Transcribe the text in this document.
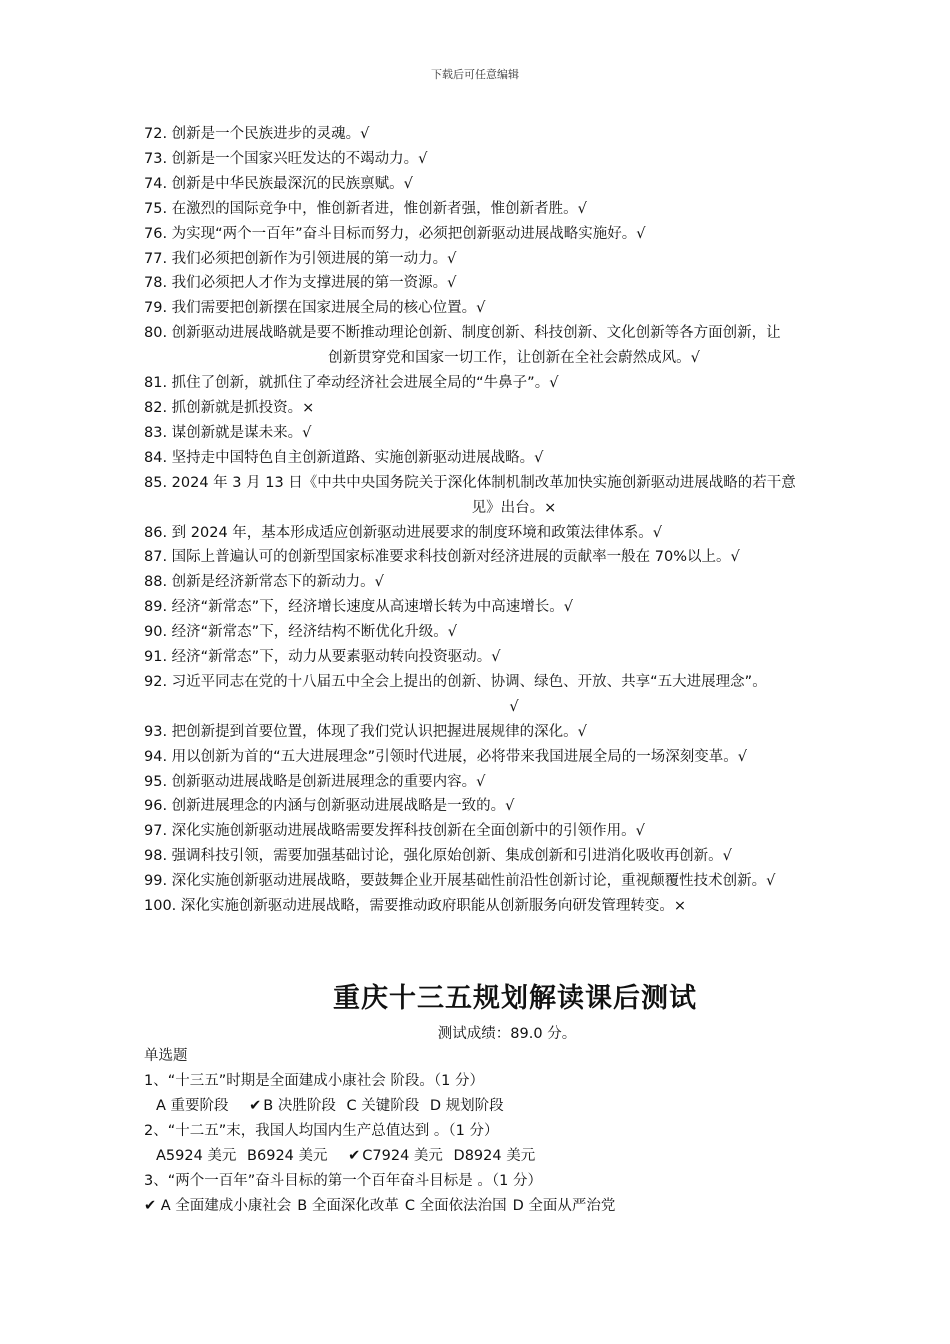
下载后可任意编辑
72. 创新是一个民族进步的灵魂。√
73. 创新是一个国家兴旺发达的不竭动力。√
74. 创新是中华民族最深沉的民族禀赋。√
75. 在激烈的国际竞争中，惟创新者进，惟创新者强，惟创新者胜。√
76. 为实现“两个一百年”奋斗目标而努力，必须把创新驱动进展战略实施好。√
77. 我们必须把创新作为引领进展的第一动力。√
78. 我们必须把人才作为支撑进展的第一资源。√
79. 我们需要把创新摆在国家进展全局的核心位置。√
80. 创新驱动进展战略就是要不断推动理论创新、制度创新、科技创新、文化创新等各方面创新，让
创新贯穿党和国家一切工作，让创新在全社会蔚然成风。√
81. 抓住了创新，就抓住了牵动经济社会进展全局的“牛鼻子”。√
82. 抓创新就是抓投资。×
83. 谋创新就是谋未来。√
84. 坚持走中国特色自主创新道路、实施创新驱动进展战略。√
85. 2024 年 3 月 13 日《中共中央国务院关于深化体制机制改革加快实施创新驱动进展战略的若干意
见》出台。×
86. 到 2024 年，基本形成适应创新驱动进展要求的制度环境和政策法律体系。√
87. 国际上普遍认可的创新型国家标准要求科技创新对经济进展的贡献率一般在 70%以上。√
88. 创新是经济新常态下的新动力。√
89. 经济“新常态”下，经济增长速度从高速增长转为中高速增长。√
90. 经济“新常态”下，经济结构不断优化升级。√
91. 经济“新常态”下，动力从要素驱动转向投资驱动。√
92. 习近平同志在党的十八届五中全会上提出的创新、协调、绿色、开放、共享“五大进展理念”。
√
93. 把创新提到首要位置，体现了我们党认识把握进展规律的深化。√
94. 用以创新为首的“五大进展理念”引领时代进展，必将带来我国进展全局的一场深刻变革。√
95. 创新驱动进展战略是创新进展理念的重要内容。√
96. 创新进展理念的内涵与创新驱动进展战略是一致的。√
97. 深化实施创新驱动进展战略需要发挥科技创新在全面创新中的引领作用。√
98. 强调科技引领，需要加强基础讨论，强化原始创新、集成创新和引进消化吸收再创新。√
99. 深化实施创新驱动进展战略，要鼓舞企业开展基础性前沿性创新讨论，重视颠覆性技术创新。√
100. 深化实施创新驱动进展战略，需要推动政府职能从创新服务向研发管理转变。×
重庆十三五规划解读课后测试
测试成绩：89.0 分。
单选题
1、“十三五”时期是全面建成小康社会 阶段。（1 分）
A 重要阶段 ✔ B 决胜阶段 C 关键阶段 D 规划阶段
2、“十二五”末，我国人均国内生产总值达到 。（1 分）
A5924 美元 B6924 美元 ✔ C7924 美元 D8924 美元
3、“两个一百年”奋斗目标的第一个百年奋斗目标是 。（1 分）
✔ A 全面建成小康社会 B 全面深化改革 C 全面依法治国 D 全面从严治党
